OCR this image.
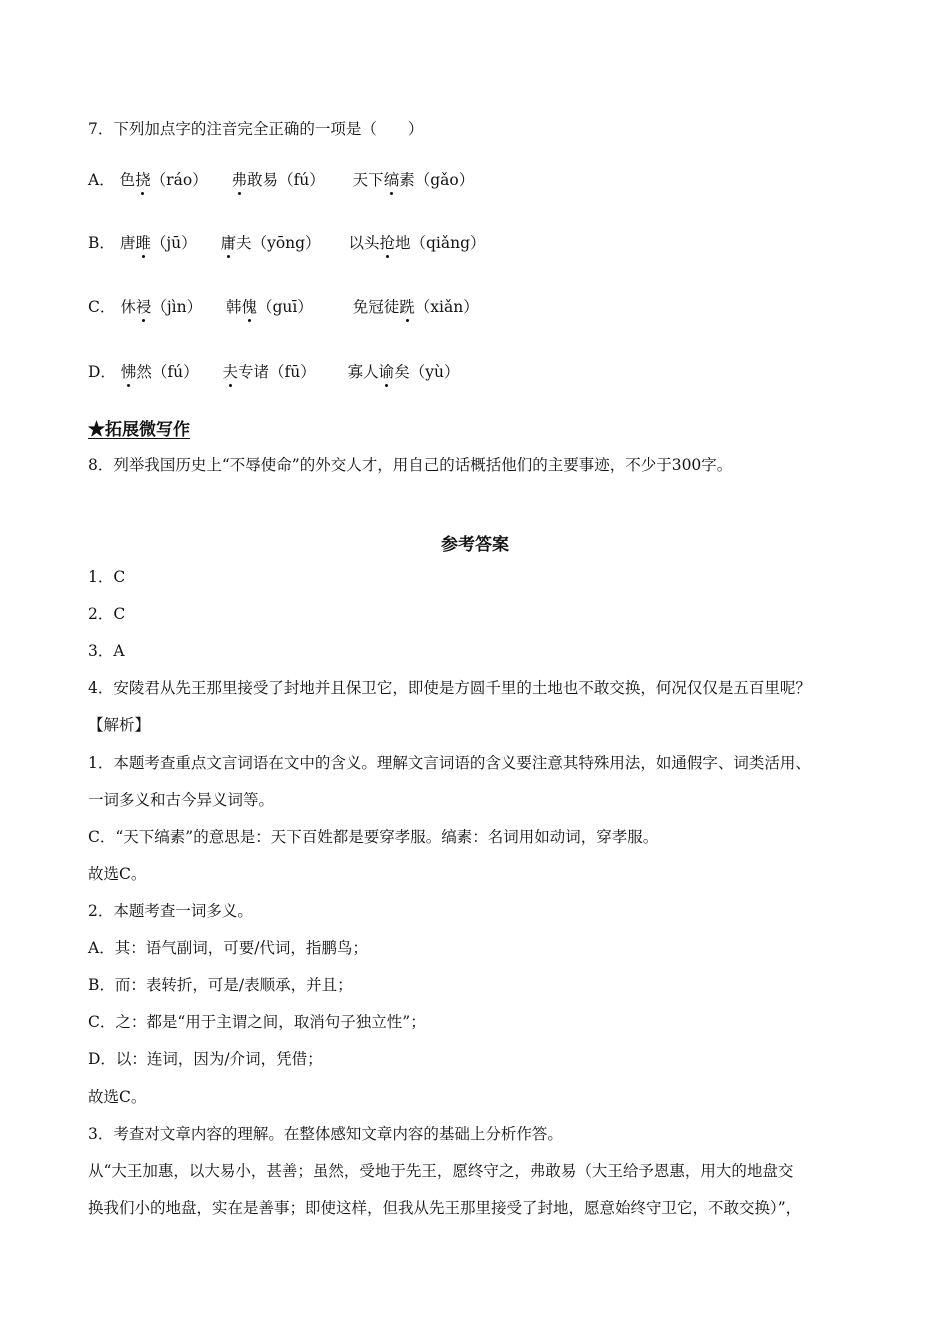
7．下列加点字的注音完全正确的一项是（　　）
A． 色挠（ráo） 弗敢易（fú） 天下缟素（gǎo）
B． 唐雎（jū） 庸夫（yōng） 以头抢地（qiǎng）
C． 休祲（jìn） 韩傀（guī）	免冠徒跣（xiǎn）
D． 怫然（fú） 夫专诸（fū） 寡人谕矣（yù）
★拓展微写作
8．列举我国历史上“不辱使命”的外交人才，用自己的话概括他们的主要事迹，不少于300字。
参考答案
1．C
2．C
3．A
4．安陵君从先王那里接受了封地并且保卫它，即使是方圆千里的土地也不敢交换，何况仅仅是五百里呢？
【解析】
1．本题考查重点文言词语在文中的含义。理解文言词语的含义要注意其特殊用法，如通假字、词类活用、
一词多义和古今异义词等。
C．“天下缟素”的意思是：天下百姓都是要穿孝服。缟素：名词用如动词，穿孝服。
故选C。
2．本题考查一词多义。
A．其：语气副词，可要/代词，指鹏鸟；
B．而：表转折，可是/表顺承，并且；
C．之：都是“用于主谓之间，取消句子独立性”；
D．以：连词，因为/介词，凭借；
故选C。
3．考查对文章内容的理解。在整体感知文章内容的基础上分析作答。
从“大王加惠，以大易小，甚善；虽然，受地于先王，愿终守之，弗敢易（大王给予恩惠，用大的地盘交
换我们小的地盘，实在是善事；即使这样，但我从先王那里接受了封地，愿意始终守卫它，不敢交换）”，
